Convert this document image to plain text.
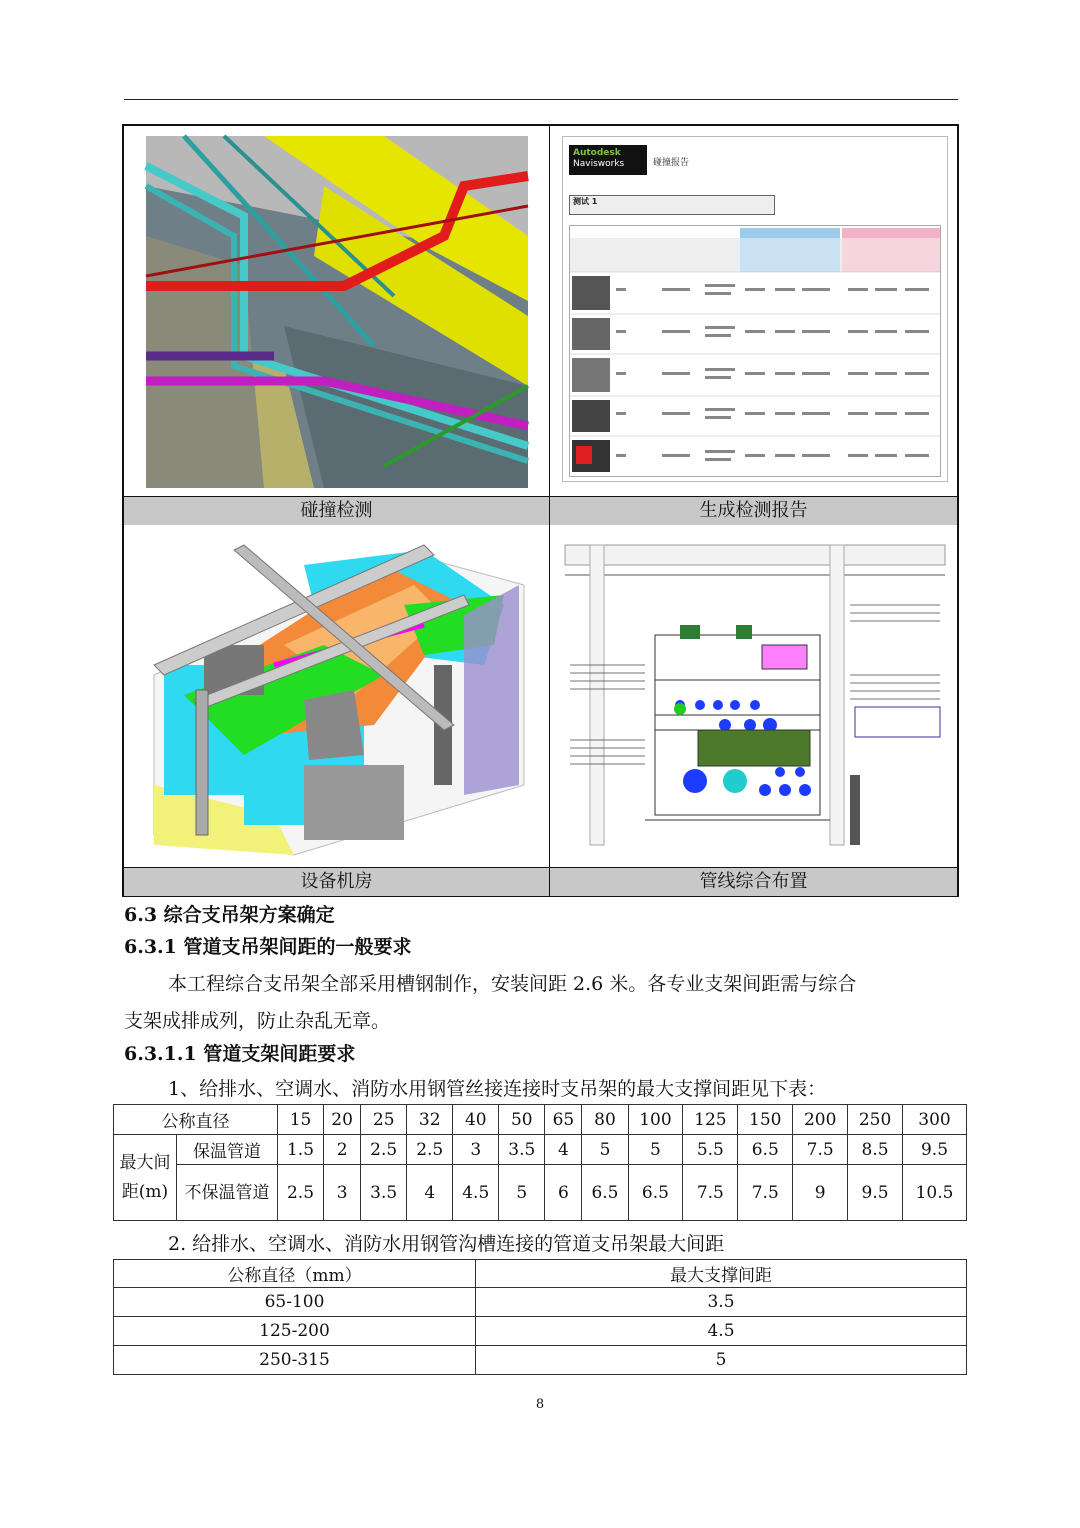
Autodesk
Navisworks	碰撞报告
测试 1
碰撞检测	生成检测报告
设备机房	管线综合布置
6.3 综合支吊架方案确定
6.3.1 管道支吊架间距的一般要求
本工程综合支吊架全部采用槽钢制作，安装间距 2.6 米。各专业支架间距需与综合
支架成排成列，防止杂乱无章。
6.3.1.1 管道支架间距要求
1、给排水、空调水、消防水用钢管丝接连接时支吊架的最大支撑间距见下表：
公称直径		15	20	25	32	40	50	65	80	100	125	150	200	250	300
最大间距(m)	保温管道	1.5	2	2.5	2.5	3	3.5	4	5	5	5.5	6.5	7.5	8.5	9.5
	不保温管道	2.5	3	3.5	4	4.5	5	6	6.5	6.5	7.5	7.5	9	9.5	10.5
2. 给排水、空调水、消防水用钢管沟槽连接的管道支吊架最大间距
公称直径（mm）	最大支撑间距
65-100	3.5
125-200	4.5
250-315	5
8
